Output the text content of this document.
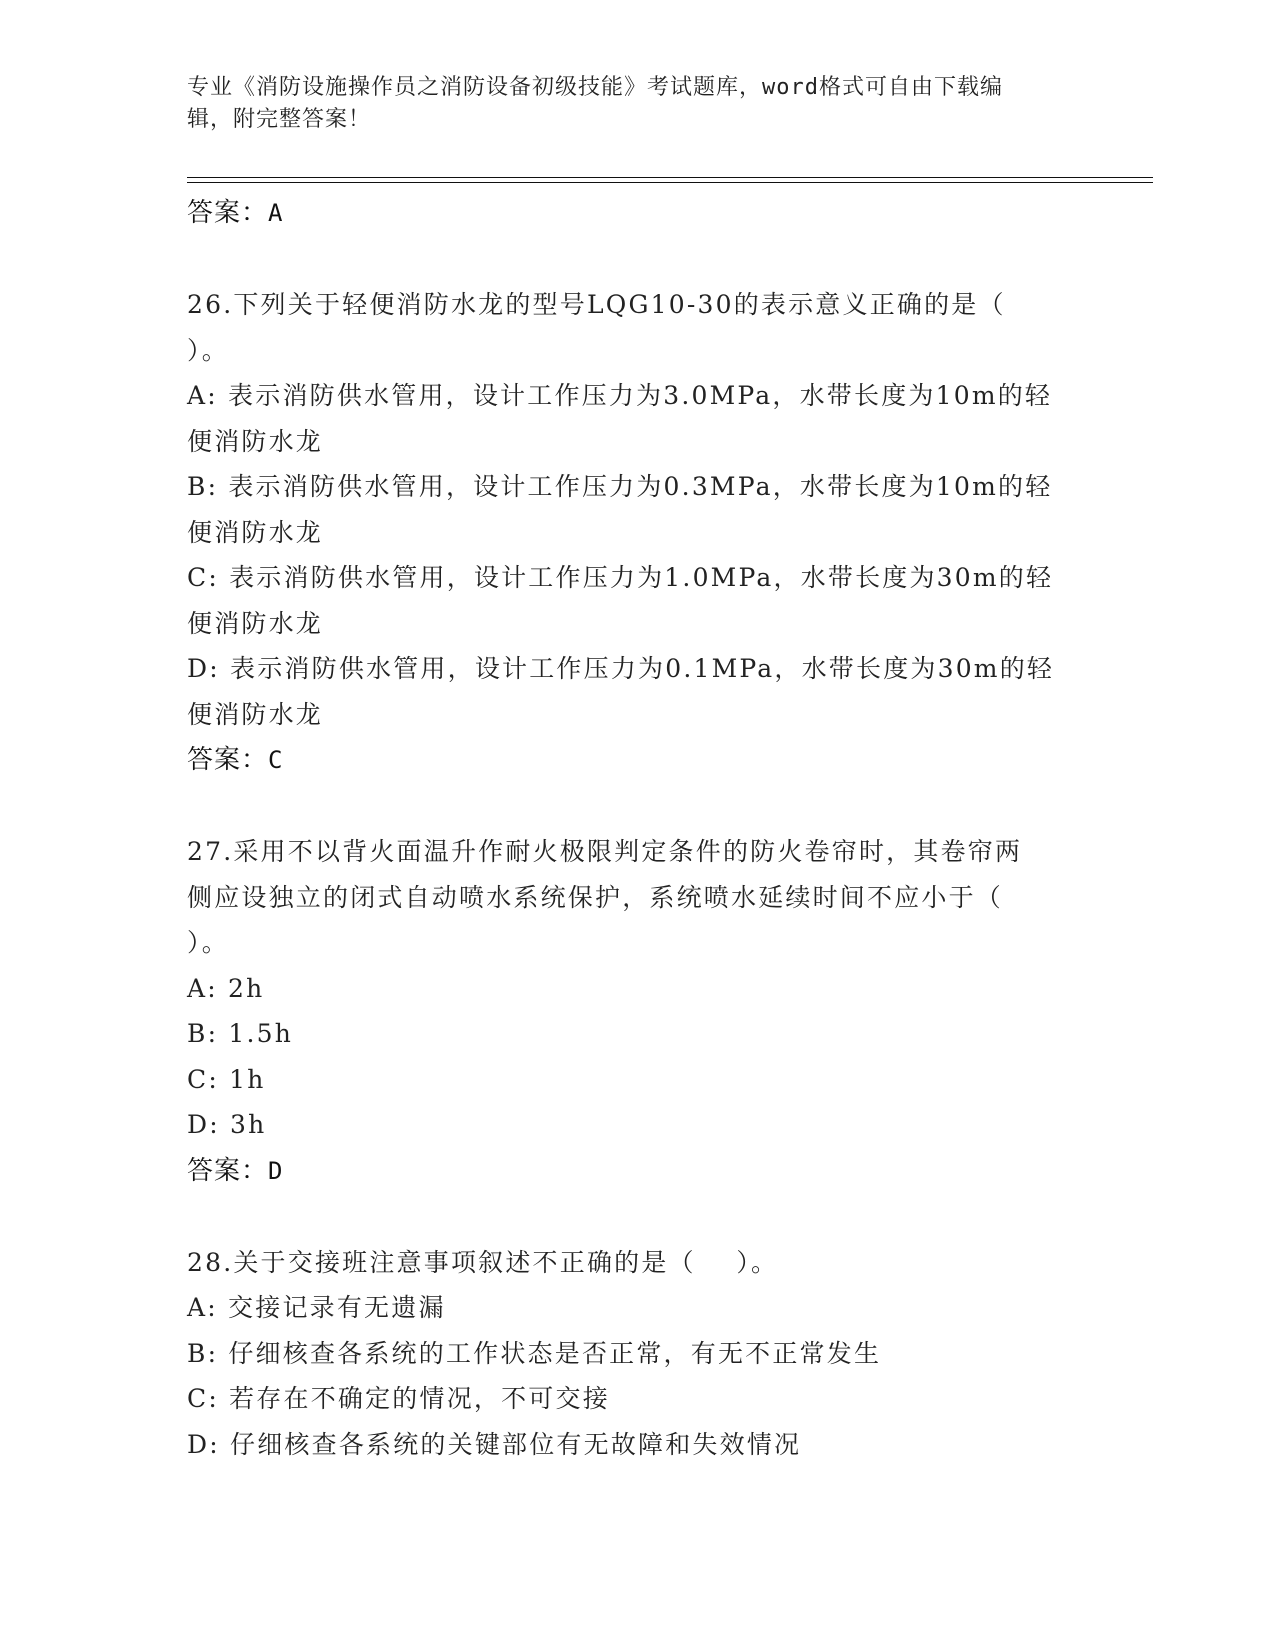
专业《消防设施操作员之消防设备初级技能》考试题库，word格式可自由下载编
辑，附完整答案！
答案：A
26.下列关于轻便消防水龙的型号LQG10-30的表示意义正确的是（
）。
A: 表示消防供水管用，设计工作压力为3.0MPa，水带长度为10m的轻
便消防水龙
B: 表示消防供水管用，设计工作压力为0.3MPa，水带长度为10m的轻
便消防水龙
C: 表示消防供水管用，设计工作压力为1.0MPa，水带长度为30m的轻
便消防水龙
D: 表示消防供水管用，设计工作压力为0.1MPa，水带长度为30m的轻
便消防水龙
答案：C
27.采用不以背火面温升作耐火极限判定条件的防火卷帘时，其卷帘两
侧应设独立的闭式自动喷水系统保护，系统喷水延续时间不应小于（
）。
A: 2h
B: 1.5h
C: 1h
D: 3h
答案：D
28.关于交接班注意事项叙述不正确的是（    ）。
A: 交接记录有无遗漏
B: 仔细核查各系统的工作状态是否正常，有无不正常发生
C: 若存在不确定的情况，不可交接
D: 仔细核查各系统的关键部位有无故障和失效情况
